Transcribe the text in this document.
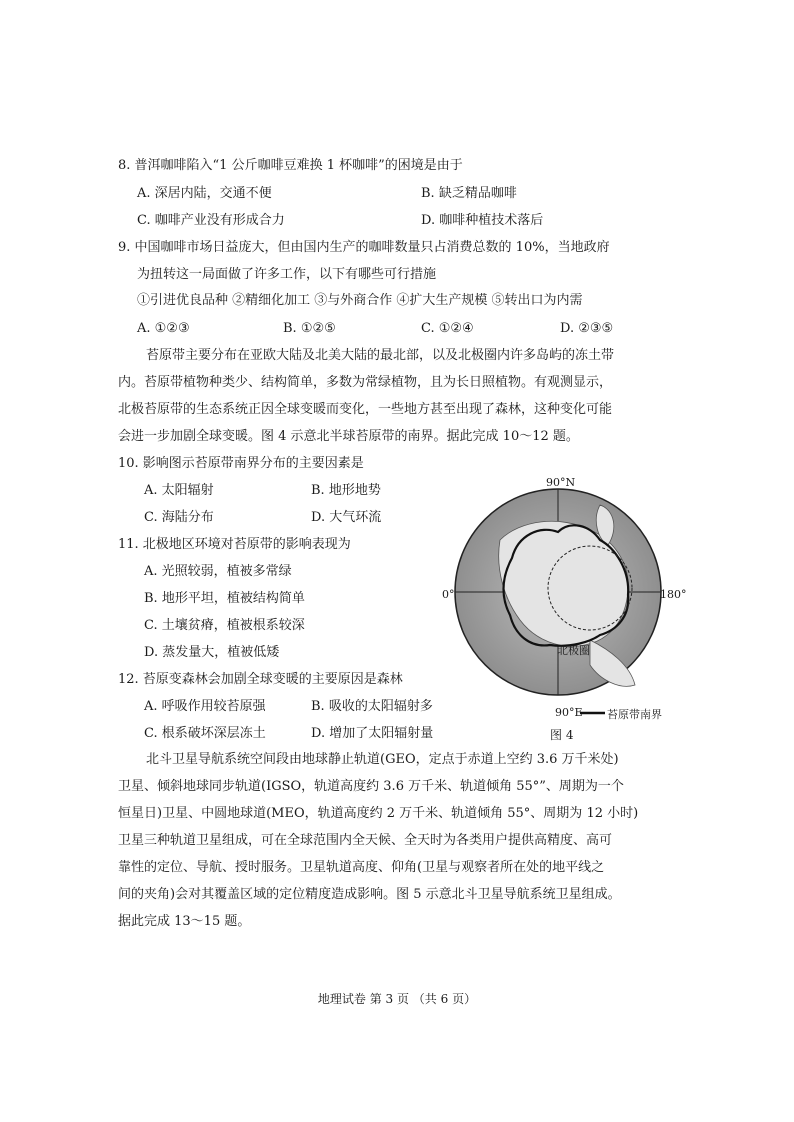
8. 普洱咖啡陷入“1 公斤咖啡豆难换 1 杯咖啡”的困境是由于
A. 深居内陆，交通不便	B. 缺乏精品咖啡
C. 咖啡产业没有形成合力	D. 咖啡种植技术落后
9. 中国咖啡市场日益庞大，但由国内生产的咖啡数量只占消费总数的 10%，当地政府
为扭转这一局面做了许多工作，以下有哪些可行措施
①引进优良品种 ②精细化加工 ③与外商合作 ④扩大生产规模 ⑤转出口为内需
A. ①②③	B. ①②⑤	C. ①②④	D. ②③⑤
苔原带主要分布在亚欧大陆及北美大陆的最北部，以及北极圈内许多岛屿的冻土带
内。苔原带植物种类少、结构简单，多数为常绿植物，且为长日照植物。有观测显示，
北极苔原带的生态系统正因全球变暖而变化，一些地方甚至出现了森林，这种变化可能
会进一步加剧全球变暖。图 4 示意北半球苔原带的南界。据此完成 10～12 题。
10. 影响图示苔原带南界分布的主要因素是
A. 太阳辐射	B. 地形地势
C. 海陆分布	D. 大气环流
11. 北极地区环境对苔原带的影响表现为
A. 光照较弱，植被多常绿
B. 地形平坦，植被结构简单
C. 土壤贫瘠，植被根系较深
D. 蒸发量大，植被低矮
12. 苔原变森林会加剧全球变暖的主要原因是森林
A. 呼吸作用较苔原强	B. 吸收的太阳辐射多
C. 根系破坏深层冻土	D. 增加了太阳辐射量
90°N
0°	180°
北极圈
90°E 苔原带南界
图 4
北斗卫星导航系统空间段由地球静止轨道(GEO，定点于赤道上空约 3.6 万千米处)
卫星、倾斜地球同步轨道(IGSO，轨道高度约 3.6 万千米、轨道倾角 55°”、周期为一个
恒星日)卫星、中圆地球道(MEO，轨道高度约 2 万千米、轨道倾角 55°、周期为 12 小时)
卫星三种轨道卫星组成，可在全球范围内全天候、全天时为各类用户提供高精度、高可
靠性的定位、导航、授时服务。卫星轨道高度、仰角(卫星与观察者所在处的地平线之
间的夹角)会对其覆盖区域的定位精度造成影响。图 5 示意北斗卫星导航系统卫星组成。
据此完成 13～15 题。
地理试卷 第 3 页 （共 6 页）
